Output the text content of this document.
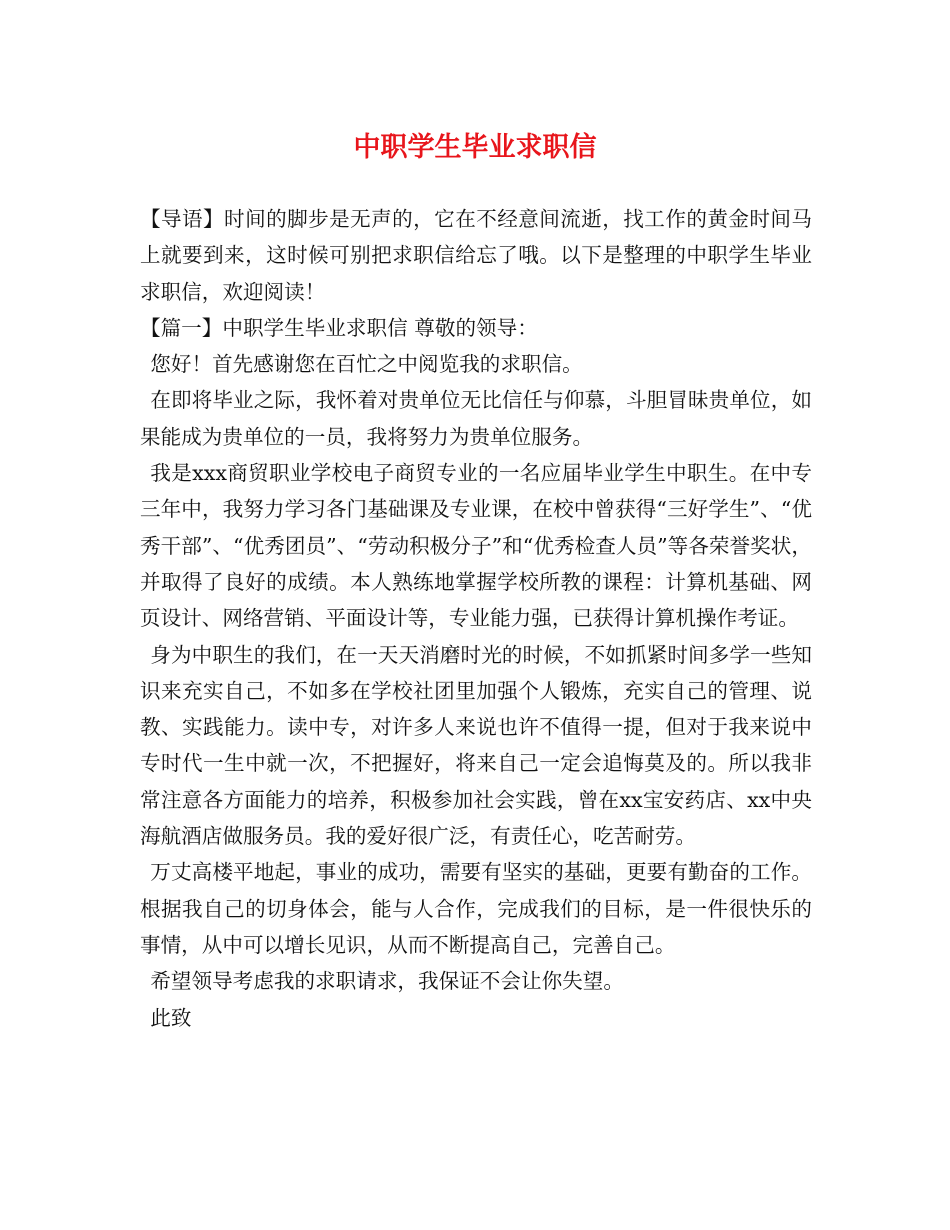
中职学生毕业求职信

【导语】时间的脚步是无声的，它在不经意间流逝，找工作的黄金时间马上就要到来，这时候可别把求职信给忘了哦。以下是整理的中职学生毕业求职信，欢迎阅读！

【篇一】中职学生毕业求职信 尊敬的领导：

您好！首先感谢您在百忙之中阅览我的求职信。

在即将毕业之际，我怀着对贵单位无比信任与仰慕，斗胆冒昧贵单位，如果能成为贵单位的一员，我将努力为贵单位服务。

我是xxx商贸职业学校电子商贸专业的一名应届毕业学生中职生。在中专三年中，我努力学习各门基础课及专业课，在校中曾获得“三好学生”、“优秀干部”、“优秀团员”、“劳动积极分子”和“优秀检查人员”等各荣誉奖状，并取得了良好的成绩。本人熟练地掌握学校所教的课程：计算机基础、网页设计、网络营销、平面设计等，专业能力强，已获得计算机操作考证。

身为中职生的我们，在一天天消磨时光的时候，不如抓紧时间多学一些知识来充实自己，不如多在学校社团里加强个人锻炼，充实自己的管理、说教、实践能力。读中专，对许多人来说也许不值得一提，但对于我来说中专时代一生中就一次，不把握好，将来自己一定会追悔莫及的。所以我非常注意各方面能力的培养，积极参加社会实践，曾在xx宝安药店、xx中央海航酒店做服务员。我的爱好很广泛，有责任心，吃苦耐劳。

万丈高楼平地起，事业的成功，需要有坚实的基础，更要有勤奋的工作。根据我自己的切身体会，能与人合作，完成我们的目标，是一件很快乐的事情，从中可以增长见识，从而不断提高自己，完善自己。

希望领导考虑我的求职请求，我保证不会让你失望。

此致
